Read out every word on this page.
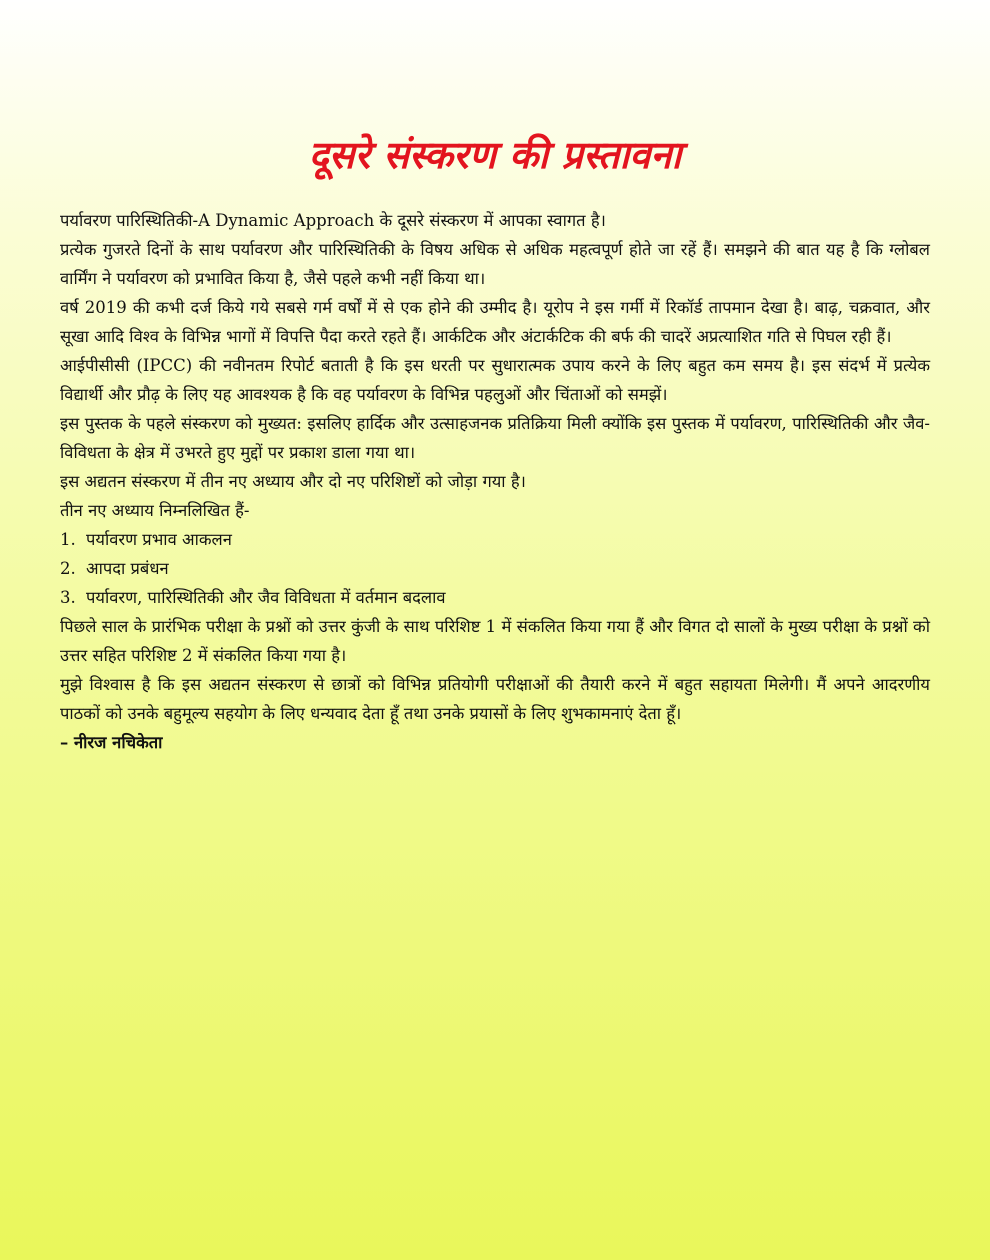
दूसरे संस्करण की प्रस्तावना

पर्यावरण पारिस्थितिकी-A Dynamic Approach के दूसरे संस्करण में आपका स्वागत है।

प्रत्येक गुजरते दिनों के साथ पर्यावरण और पारिस्थितिकी के विषय अधिक से अधिक महत्वपूर्ण होते जा रहें हैं। समझने की बात यह है कि ग्लोबल वार्मिंग ने पर्यावरण को प्रभावित किया है, जैसे पहले कभी नहीं किया था।

वर्ष 2019 की कभी दर्ज किये गये सबसे गर्म वर्षों में से एक होने की उम्मीद है। यूरोप ने इस गर्मी में रिकॉर्ड तापमान देखा है। बाढ़, चक्रवात, और सूखा आदि विश्व के विभिन्न भागों में विपत्ति पैदा करते रहते हैं। आर्कटिक और अंटार्कटिक की बर्फ की चादरें अप्रत्याशित गति से पिघल रही हैं।

आईपीसीसी (IPCC) की नवीनतम रिपोर्ट बताती है कि इस धरती पर सुधारात्मक उपाय करने के लिए बहुत कम समय है। इस संदर्भ में प्रत्येक विद्यार्थी और प्रौढ़ के लिए यह आवश्यक है कि वह पर्यावरण के विभिन्न पहलुओं और चिंताओं को समझें।

इस पुस्तक के पहले संस्करण को मुख्यत: इसलिए हार्दिक और उत्साहजनक प्रतिक्रिया मिली क्योंकि इस पुस्तक में पर्यावरण, पारिस्थितिकी और जैव-विविधता के क्षेत्र में उभरते हुए मुद्दों पर प्रकाश डाला गया था।

इस अद्यतन संस्करण में तीन नए अध्याय और दो नए परिशिष्टों को जोड़ा गया है।

तीन नए अध्याय निम्नलिखित हैं-

1. पर्यावरण प्रभाव आकलन
2. आपदा प्रबंधन
3. पर्यावरण, पारिस्थितिकी और जैव विविधता में वर्तमान बदलाव

पिछले साल के प्रारंभिक परीक्षा के प्रश्नों को उत्तर कुंजी के साथ परिशिष्ट 1 में संकलित किया गया हैं और विगत दो सालों के मुख्य परीक्षा के प्रश्नों को उत्तर सहित परिशिष्ट 2 में संकलित किया गया है।

मुझे विश्वास है कि इस अद्यतन संस्करण से छात्रों को विभिन्न प्रतियोगी परीक्षाओं की तैयारी करने में बहुत सहायता मिलेगी। मैं अपने आदरणीय पाठकों को उनके बहुमूल्य सहयोग के लिए धन्यवाद देता हूँ तथा उनके प्रयासों के लिए शुभकामनाएं देता हूँ।

– नीरज नचिकेता
